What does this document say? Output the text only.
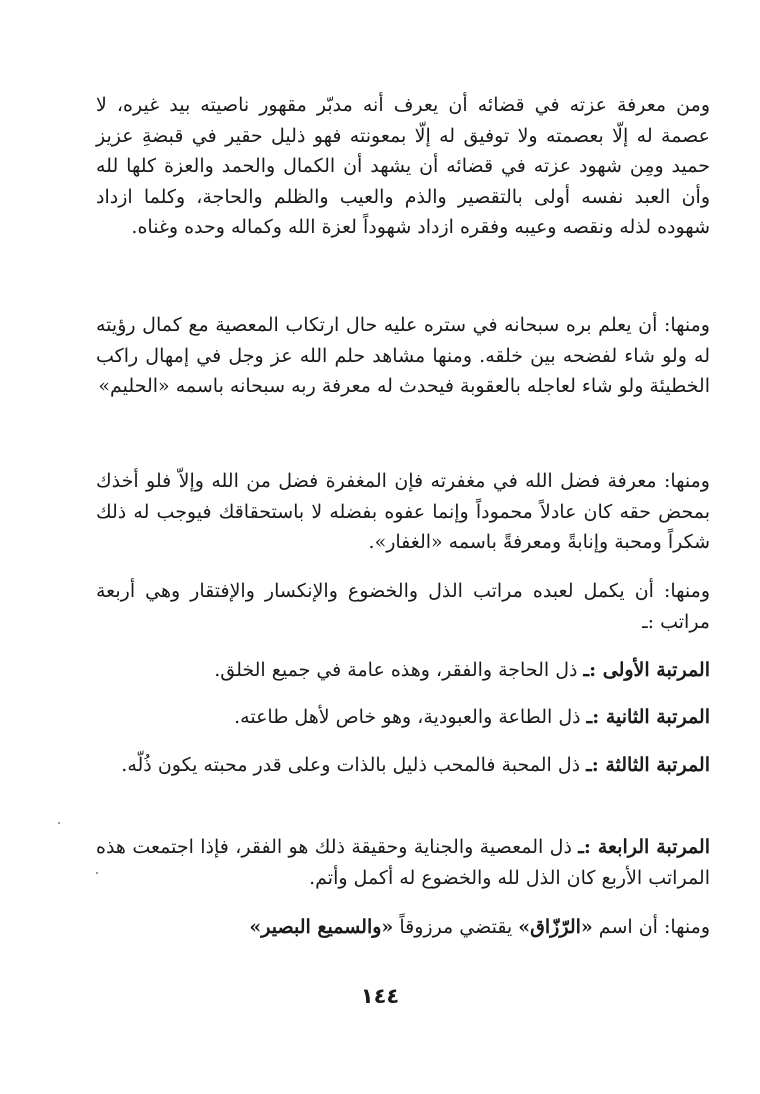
ومن معرفة عزته في قضائه أن يعرف أنه مدبّر مقهور ناصيته بيد غيره، لا عصمة له إلّا بعصمته ولا توفيق له إلّا بمعونته فهو ذليل حقير في قبضةِ عزيز حميد ومِن شهود عزته في قضائه أن يشهد أن الكمال والحمد والعزة كلها لله وأن العبد نفسه أولى بالتقصير والذم والعيب والظلم والحاجة، وكلما ازداد شهوده لذله ونقصه وعيبه وفقره ازداد شهوداً لعزة الله وكماله وحده وغناه.

ومنها: أن يعلم بره سبحانه في ستره عليه حال ارتكاب المعصية مع كمال رؤيته له ولو شاء لفضحه بين خلقه. ومنها مشاهد حلم الله عز وجل في إمهال راكب الخطيئة ولو شاء لعاجله بالعقوبة فيحدث له معرفة ربه سبحانه باسمه «الحليم»

ومنها: معرفة فضل الله في مغفرته فإن المغفرة فضل من الله وإلاّ فلو أخذك بمحض حقه كان عادلاً محموداً وإنما عفوه بفضله لا باستحقاقك فيوجب له ذلك شكراً ومحبة وإنابةً ومعرفةً باسمه «الغفار».

ومنها: أن يكمل لعبده مراتب الذل والخضوع والإنكسار والإفتقار وهي أربعة مراتب :ـ

المرتبة الأولى :ـ ذل الحاجة والفقر، وهذه عامة في جميع الخلق.

المرتبة الثانية :ـ ذل الطاعة والعبودية، وهو خاص لأهل طاعته.

المرتبة الثالثة :ـ ذل المحبة فالمحب ذليل بالذات وعلى قدر محبته يكون ذُلّه.

المرتبة الرابعة :ـ ذل المعصية والجناية وحقيقة ذلك هو الفقر، فإذا اجتمعت هذه المراتب الأربع كان الذل لله والخضوع له أكمل وأتم.

ومنها: أن اسم «الرّزّاق» يقتضي مرزوقاً «والسميع البصير»

١٤٤
